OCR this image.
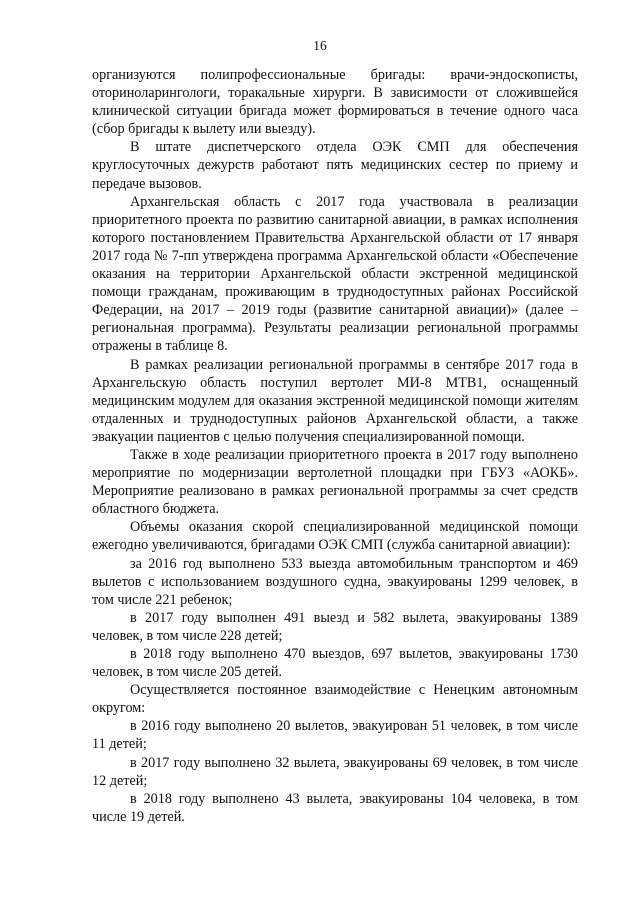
16

организуются полипрофессиональные бригады: врачи-эндоскописты, оториноларингологи, торакальные хирурги. В зависимости от сложившейся клинической ситуации бригада может формироваться в течение одного часа (сбор бригады к вылету или выезду).

В штате диспетчерского отдела ОЭК СМП для обеспечения круглосуточных дежурств работают пять медицинских сестер по приему и передаче вызовов.

Архангельская область с 2017 года участвовала в реализации приоритетного проекта по развитию санитарной авиации, в рамках исполнения которого постановлением Правительства Архангельской области от 17 января 2017 года № 7-пп утверждена программа Архангельской области «Обеспечение оказания на территории Архангельской области экстренной медицинской помощи гражданам, проживающим в труднодоступных районах Российской Федерации, на 2017 – 2019 годы (развитие санитарной авиации)» (далее – региональная программа). Результаты реализации региональной программы отражены в таблице 8.

В рамках реализации региональной программы в сентябре 2017 года в Архангельскую область поступил вертолет МИ-8 МТВ1, оснащенный медицинским модулем для оказания экстренной медицинской помощи жителям отдаленных и труднодоступных районов Архангельской области, а также эвакуации пациентов с целью получения специализированной помощи.

Также в ходе реализации приоритетного проекта в 2017 году выполнено мероприятие по модернизации вертолетной площадки при ГБУЗ «АОКБ». Мероприятие реализовано в рамках региональной программы за счет средств областного бюджета.

Объемы оказания скорой специализированной медицинской помощи ежегодно увеличиваются, бригадами ОЭК СМП (служба санитарной авиации):

за 2016 год выполнено 533 выезда автомобильным транспортом и 469 вылетов с использованием воздушного судна, эвакуированы 1299 человек, в том числе 221 ребенок;

в 2017 году выполнен 491 выезд и 582 вылета, эвакуированы 1389 человек, в том числе 228 детей;

в 2018 году выполнено 470 выездов, 697 вылетов, эвакуированы 1730 человек, в том числе 205 детей.

Осуществляется постоянное взаимодействие с Ненецким автономным округом:

в 2016 году выполнено 20 вылетов, эвакуирован 51 человек, в том числе 11 детей;

в 2017 году выполнено 32 вылета, эвакуированы 69 человек, в том числе 12 детей;

в 2018 году выполнено 43 вылета, эвакуированы 104 человека, в том числе 19 детей.
